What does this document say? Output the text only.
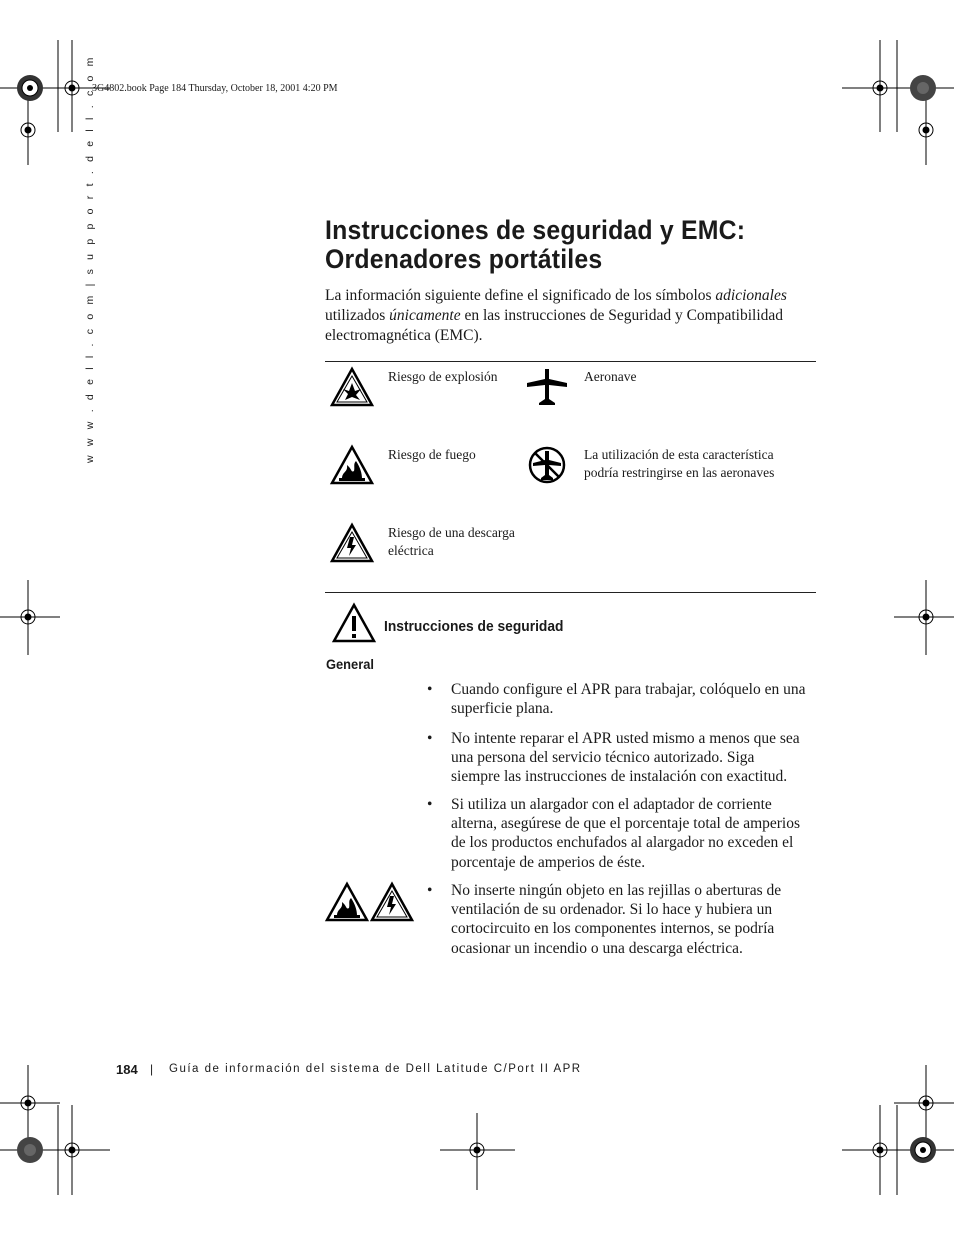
3G4802.book Page 184 Thursday, October 18, 2001 4:20 PM
w w w . d e l l . c o m | s u p p o r t . d e l l . c o m	Instrucciones de seguridad y EMC:
Ordenadores portátiles
La información siguiente define el significado de los símbolos adicionales utilizados únicamente en las instrucciones de Seguridad y Compatibilidad electromagnética (EMC).
Riesgo de explosión	Aeronave
Riesgo de fuego	La utilización de esta característica podría restringirse en las aeronaves
Riesgo de una descarga eléctrica
Instrucciones de seguridad
General
• Cuando configure el APR para trabajar, colóquelo en una superficie plana.
• No intente reparar el APR usted mismo a menos que sea una persona del servicio técnico autorizado. Siga siempre las instrucciones de instalación con exactitud.
• Si utiliza un alargador con el adaptador de corriente alterna, asegúrese de que el porcentaje total de amperios de los productos enchufados al alargador no exceden el porcentaje de amperios de éste.
• No inserte ningún objeto en las rejillas o aberturas de ventilación de su ordenador. Si lo hace y hubiera un cortocircuito en los componentes internos, se podría ocasionar un incendio o una descarga eléctrica.
184 | Guía de información del sistema de Dell Latitude C/Port II APR
